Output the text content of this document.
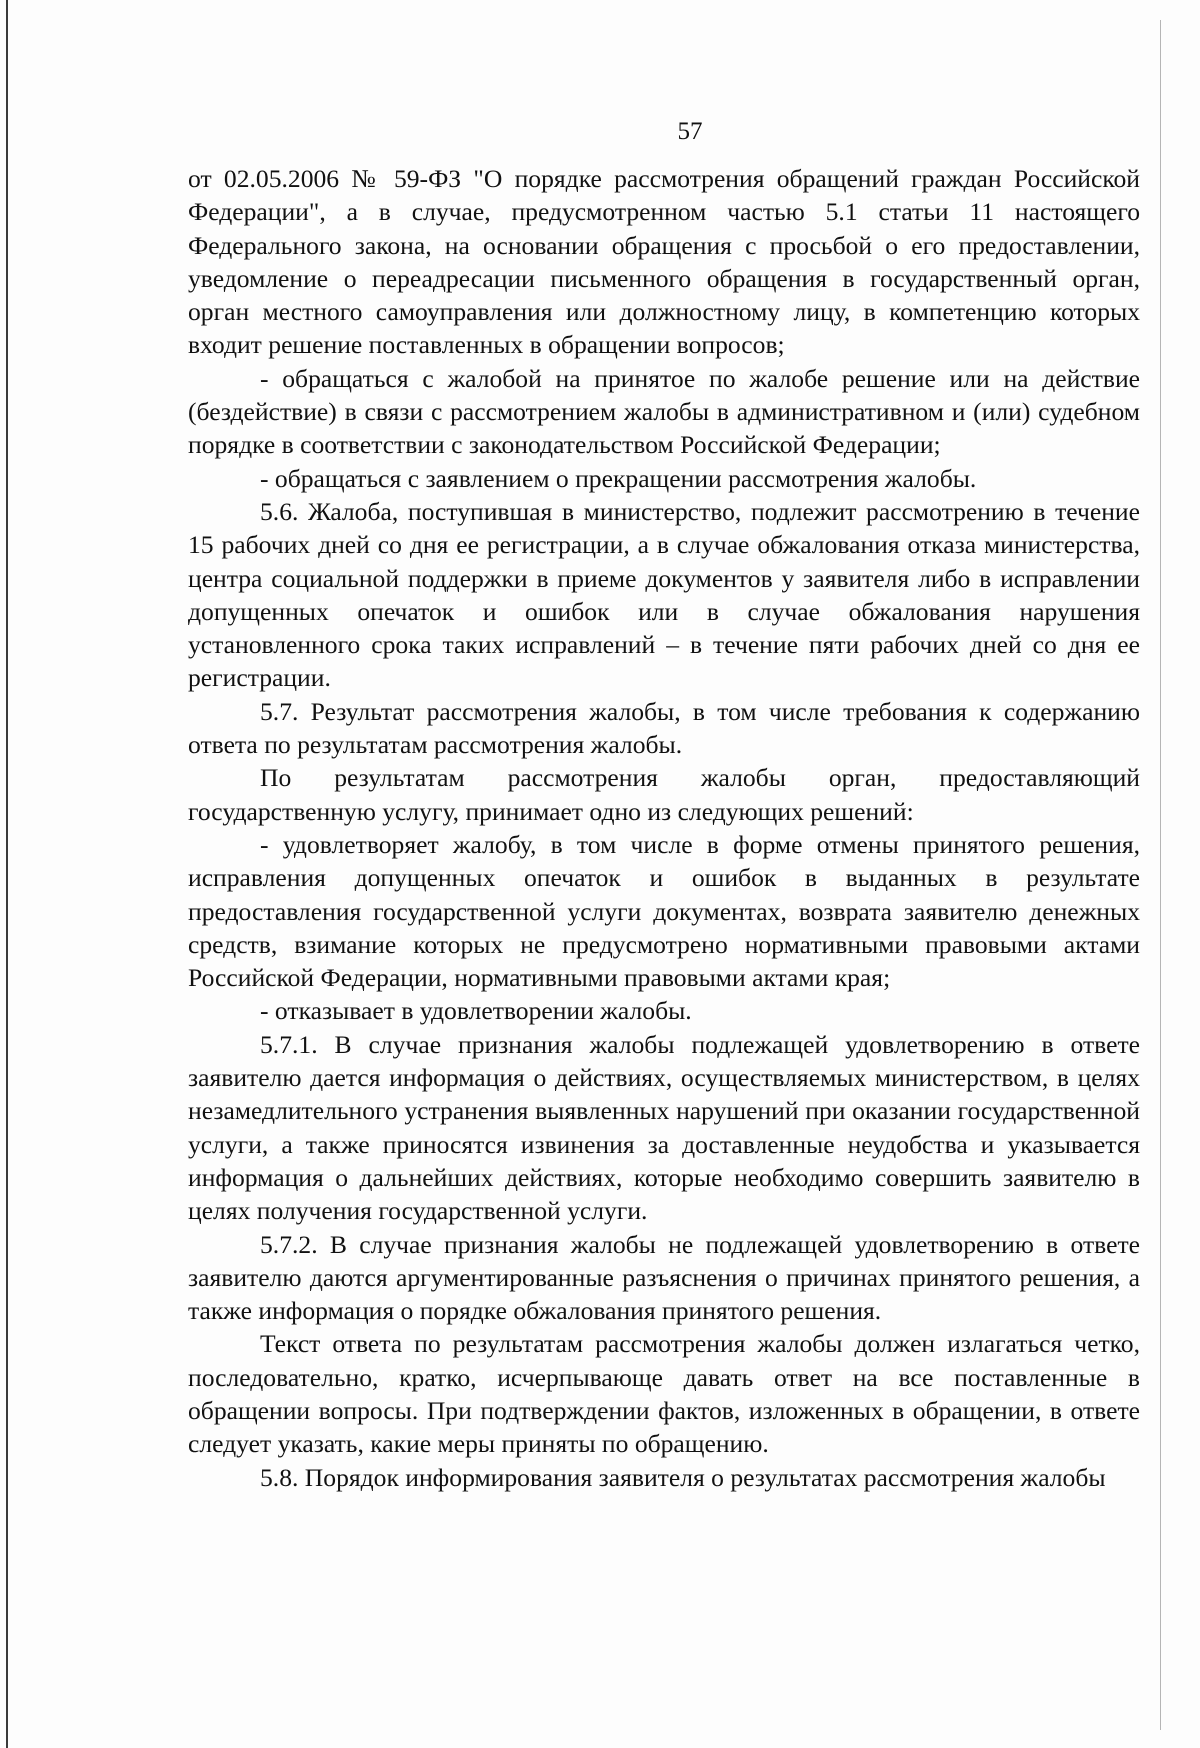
57

от 02.05.2006 № 59-ФЗ "О порядке рассмотрения обращений граждан Российской Федерации", а в случае, предусмотренном частью 5.1 статьи 11 настоящего Федерального закона, на основании обращения с просьбой о его предоставлении, уведомление о переадресации письменного обращения в государственный орган, орган местного самоуправления или должностному лицу, в компетенцию которых входит решение поставленных в обращении вопросов;

- обращаться с жалобой на принятое по жалобе решение или на действие (бездействие) в связи с рассмотрением жалобы в административном и (или) судебном порядке в соответствии с законодательством Российской Федерации;

- обращаться с заявлением о прекращении рассмотрения жалобы.

5.6. Жалоба, поступившая в министерство, подлежит рассмотрению в течение 15 рабочих дней со дня ее регистрации, а в случае обжалования отказа министерства, центра социальной поддержки в приеме документов у заявителя либо в исправлении допущенных опечаток и ошибок или в случае обжалования нарушения установленного срока таких исправлений – в течение пяти рабочих дней со дня ее регистрации.

5.7. Результат рассмотрения жалобы, в том числе требования к содержанию ответа по результатам рассмотрения жалобы.

По результатам рассмотрения жалобы орган, предоставляющий государственную услугу, принимает одно из следующих решений:

- удовлетворяет жалобу, в том числе в форме отмены принятого решения, исправления допущенных опечаток и ошибок в выданных в результате предоставления государственной услуги документах, возврата заявителю денежных средств, взимание которых не предусмотрено нормативными правовыми актами Российской Федерации, нормативными правовыми актами края;

- отказывает в удовлетворении жалобы.

5.7.1. В случае признания жалобы подлежащей удовлетворению в ответе заявителю дается информация о действиях, осуществляемых министерством, в целях незамедлительного устранения выявленных нарушений при оказании государственной услуги, а также приносятся извинения за доставленные неудобства и указывается информация о дальнейших действиях, которые необходимо совершить заявителю в целях получения государственной услуги.

5.7.2. В случае признания жалобы не подлежащей удовлетворению в ответе заявителю даются аргументированные разъяснения о причинах принятого решения, а также информация о порядке обжалования принятого решения.

Текст ответа по результатам рассмотрения жалобы должен излагаться четко, последовательно, кратко, исчерпывающе давать ответ на все поставленные в обращении вопросы. При подтверждении фактов, изложенных в обращении, в ответе следует указать, какие меры приняты по обращению.

5.8. Порядок информирования заявителя о результатах рассмотрения жалобы
